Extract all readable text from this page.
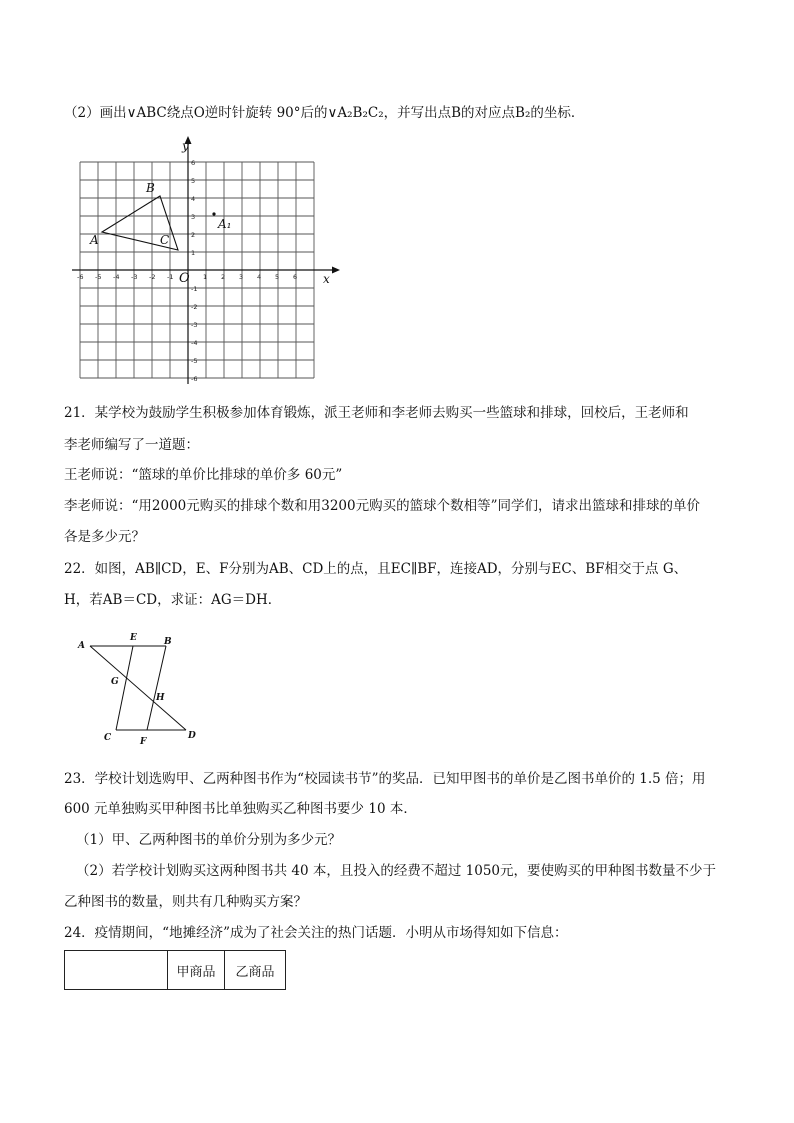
（2）画出∨ABC绕点O逆时针旋转 90°后的∨A₂B₂C₂，并写出点B的对应点B₂的坐标．
x
y
O
-6 -5 -4 -3 -2 -1	1 2 3 4 5 6
6
5
4
3
2
1
-1
-2
-3
-4
-5
-6
A
B
C
A₁
21．某学校为鼓励学生积极参加体育锻炼，派王老师和李老师去购买一些篮球和排球，回校后，王老师和
李老师编写了一道题：
王老师说：“篮球的单价比排球的单价多 60元”
李老师说：“用2000元购买的排球个数和用3200元购买的篮球个数相等”同学们，请求出篮球和排球的单价
各是多少元？
22．如图，AB∥CD，E、F分别为AB、CD上的点，且EC∥BF，连接AD，分别与EC、BF相交于点 G、
H，若AB＝CD，求证：AG＝DH．
A
E	B
G
H
C	F
D
23．学校计划选购甲、乙两种图书作为“校园读书节”的奖品．已知甲图书的单价是乙图书单价的 1.5 倍；用
600 元单独购买甲种图书比单独购买乙种图书要少 10 本．
（1）甲、乙两种图书的单价分别为多少元？
（2）若学校计划购买这两种图书共 40 本，且投入的经费不超过 1050元，要使购买的甲种图书数量不少于
乙种图书的数量，则共有几种购买方案？
24．疫情期间，“地摊经济”成为了社会关注的热门话题．小明从市场得知如下信息：
	甲商品	乙商品
